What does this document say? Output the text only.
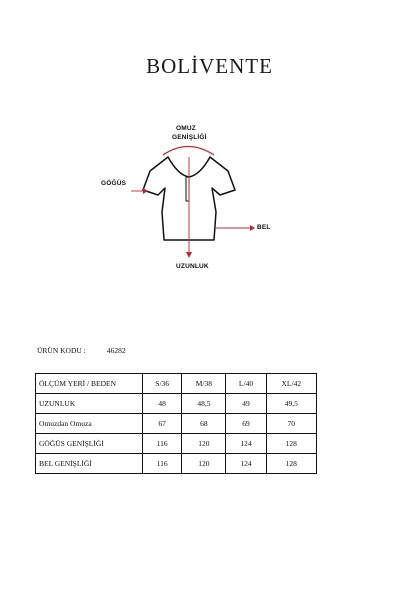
BOLİVENTE
OMUZ
GENİŞLİĞİ
GÖĞÜS
BEL
UZUNLUK
ÜRÜN KODU :	46282
ÖLÇÜM YERİ / BEDEN	S/36	M/38	L/40	XL/42
UZUNLUK	48	48,5	49	49,5
Omuzdan Omuza	67	68	69	70
GÖĞÜS GENİŞLİĞİ	116	120	124	128
BEL GENİŞLİĞİ	116	120	124	128
